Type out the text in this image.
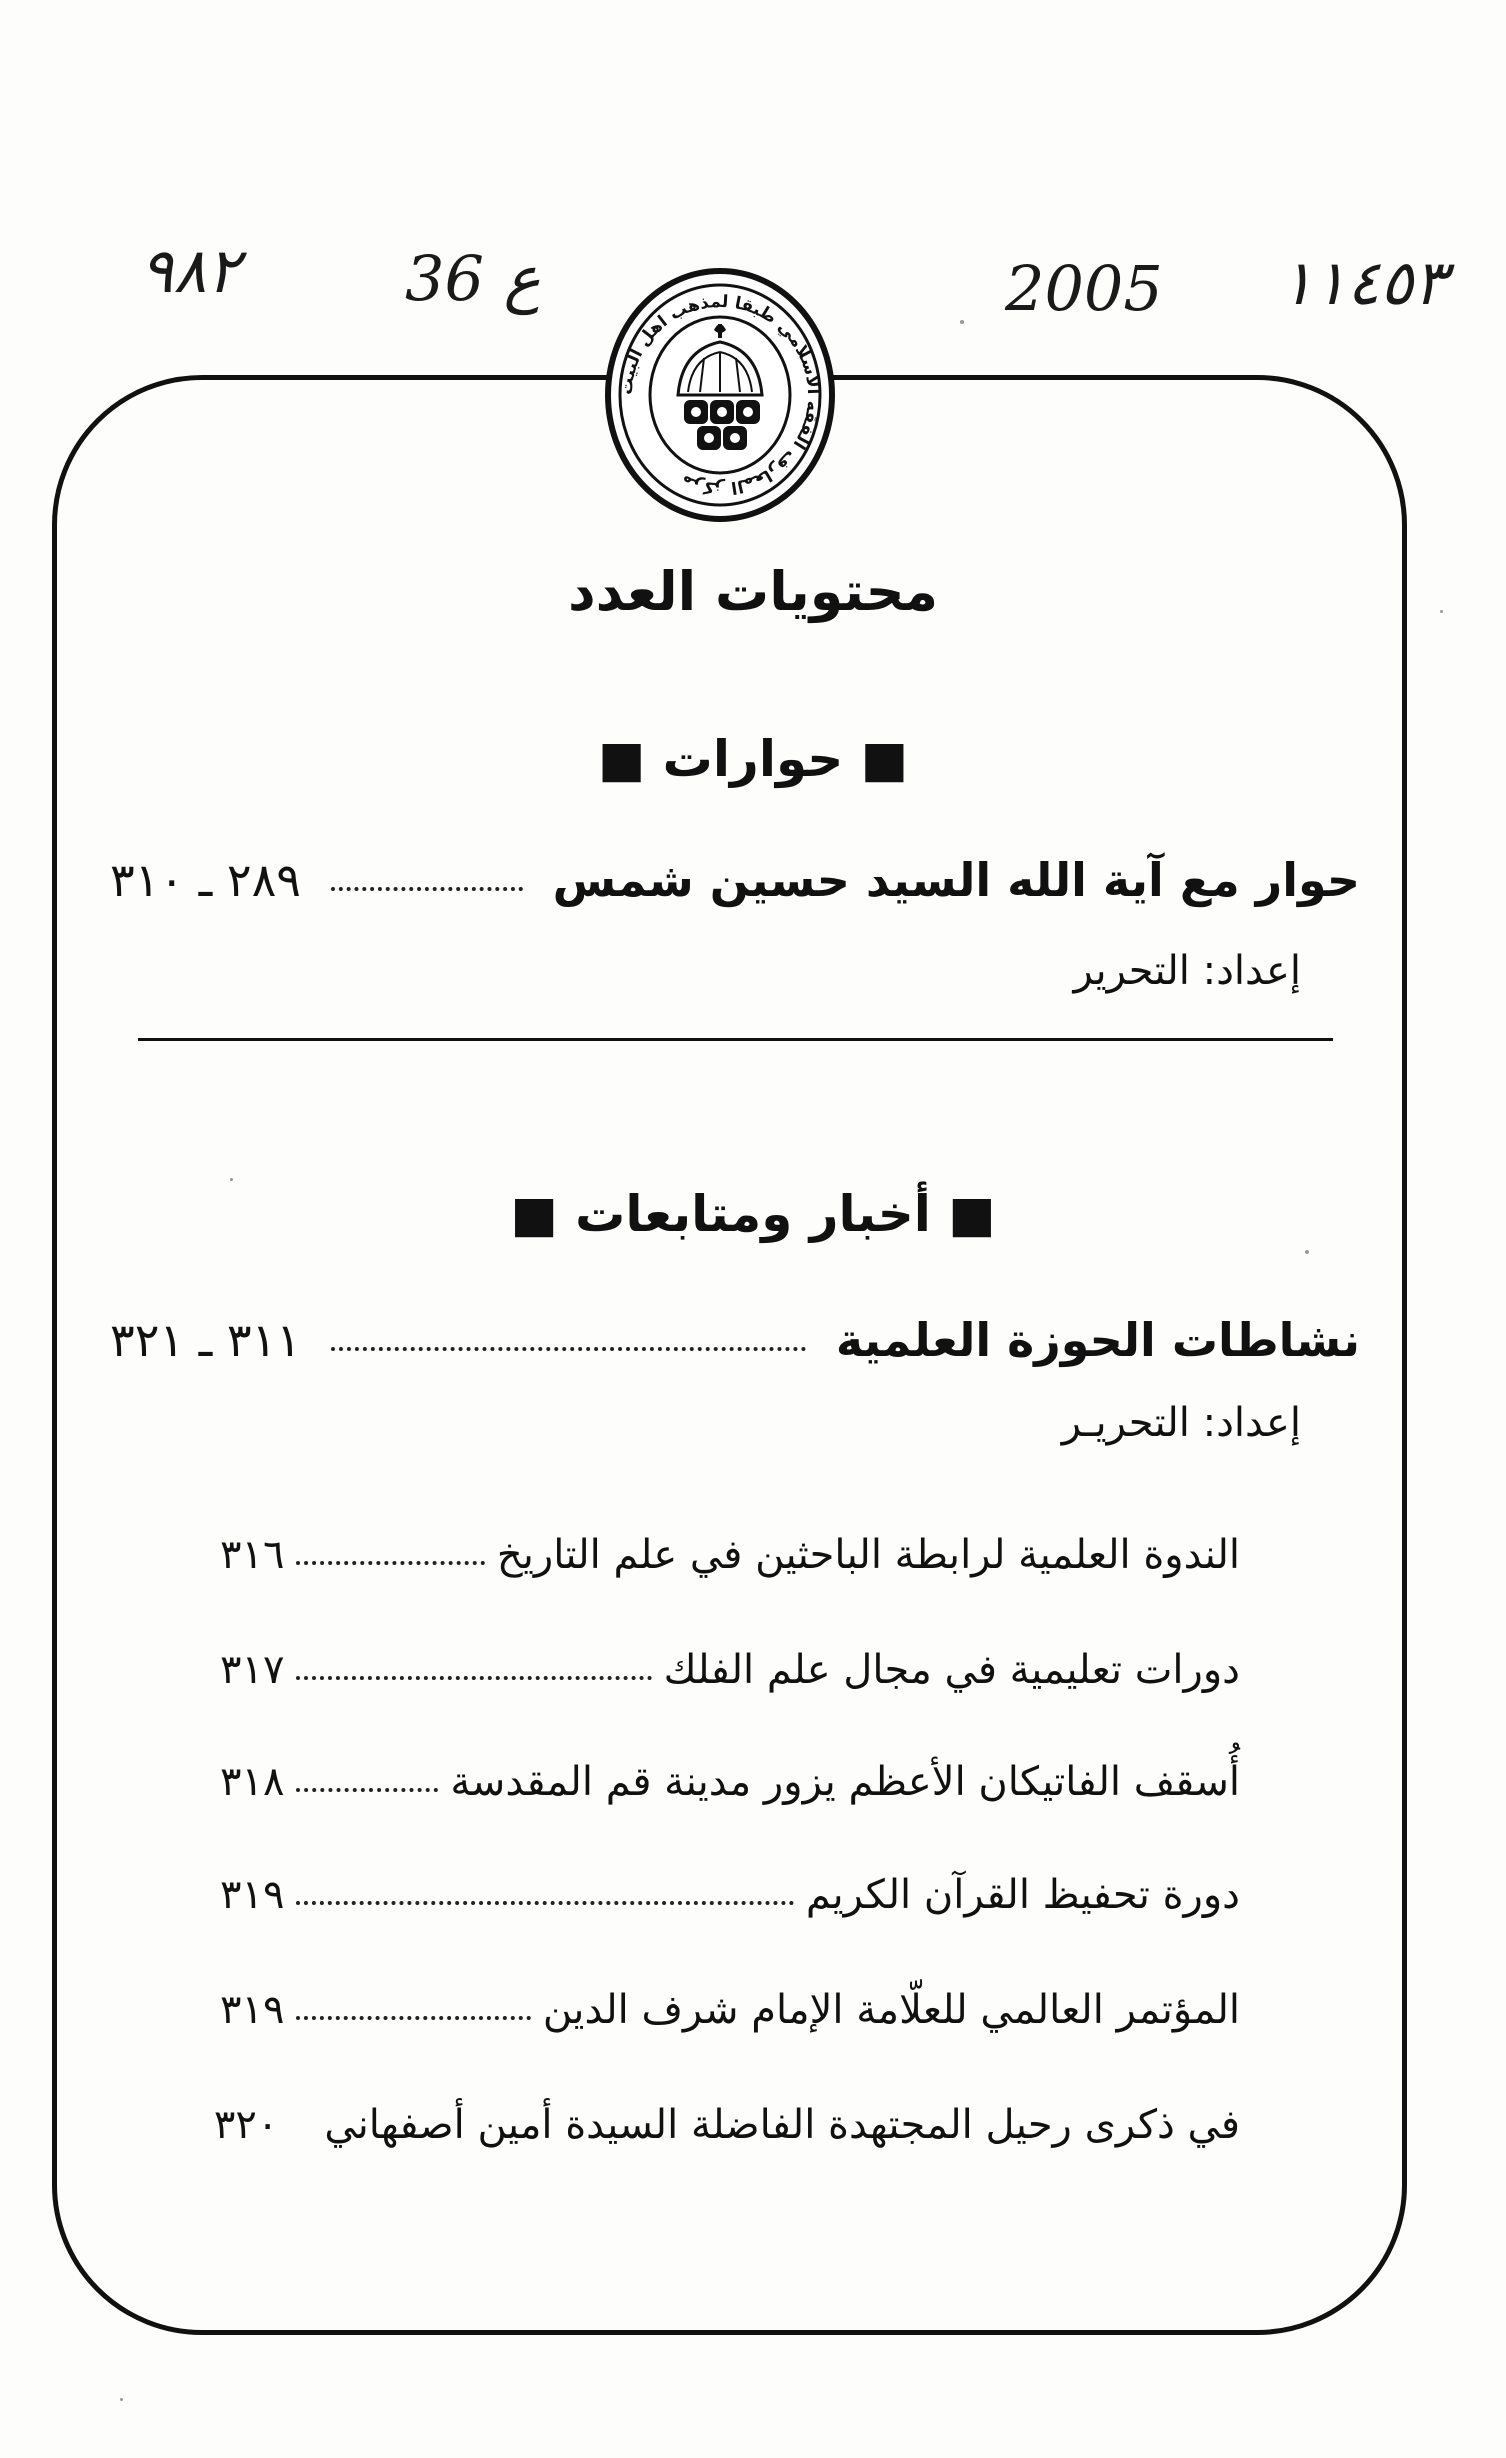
٩٨٢	36 ع	2005 ١١٤٥٣
مركز المعارف الفقه الاسلامي طبقا لمذهب اهل البيت
محتويات العدد
■ حوارات ■
حوار مع آية الله السيد حسين شمس
٢٨٩ ـ ٣١٠
إعداد: التحرير
■ أخبار ومتابعات ■
نشاطات الحوزة العلمية
٣١١ ـ ٣٢١
إعداد: التحريـر
الندوة العلمية لرابطة الباحثين في علم التاريخ
٣١٦
دورات تعليمية في مجال علم الفلك
٣١٧
أُسقف الفاتيكان الأعظم يزور مدينة قم المقدسة
٣١٨
دورة تحفيظ القرآن الكريم
٣١٩
المؤتمر العالمي للعلّامة الإمام شرف الدين
٣١٩
في ذكرى رحيل المجتهدة الفاضلة السيدة أمين أصفهاني
٣٢٠
